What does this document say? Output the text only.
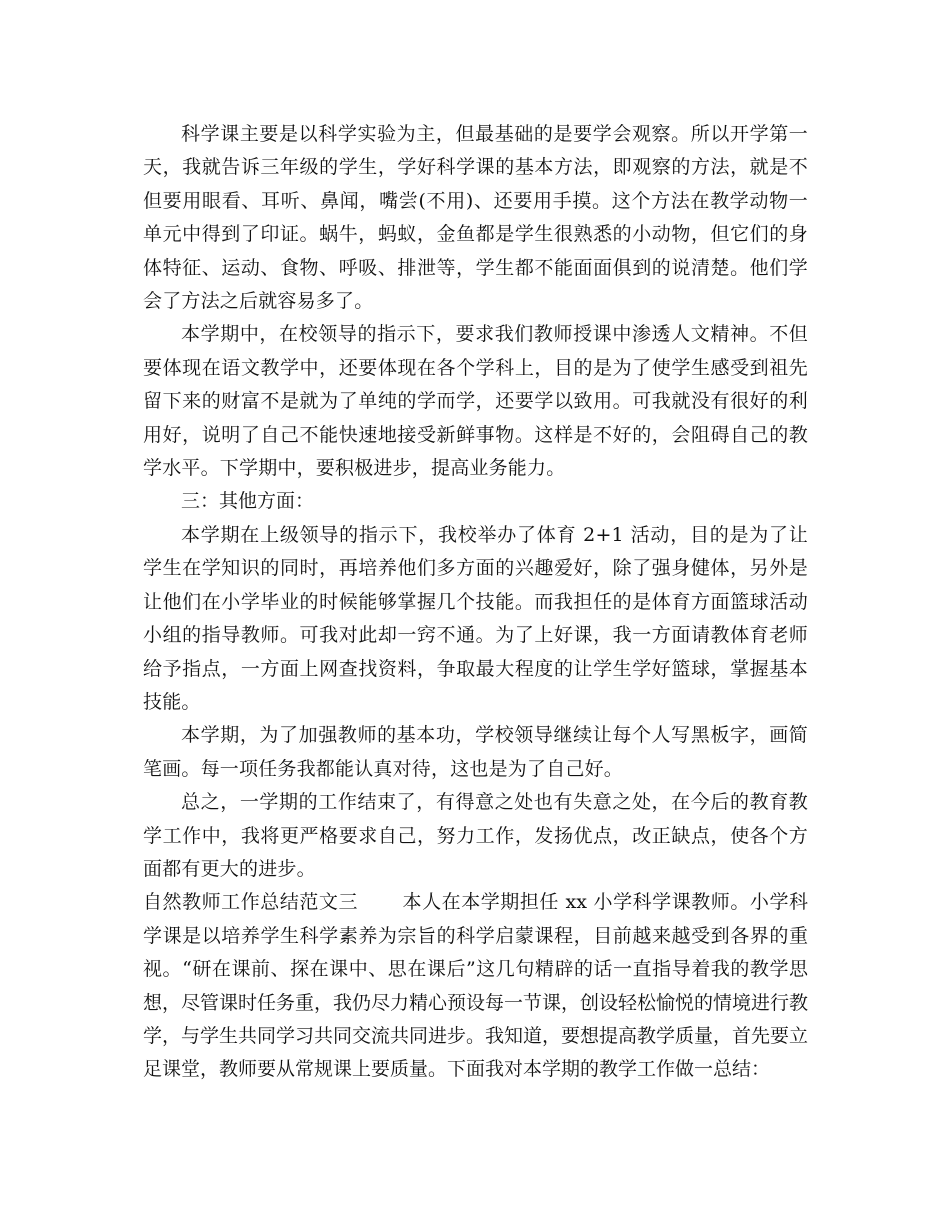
科学课主要是以科学实验为主，但最基础的是要学会观察。所以开学第一天，我就告诉三年级的学生，学好科学课的基本方法，即观察的方法，就是不但要用眼看、耳听、鼻闻，嘴尝(不用)、还要用手摸。这个方法在教学动物一单元中得到了印证。蜗牛，蚂蚁，金鱼都是学生很熟悉的小动物，但它们的身体特征、运动、食物、呼吸、排泄等，学生都不能面面俱到的说清楚。他们学会了方法之后就容易多了。

本学期中，在校领导的指示下，要求我们教师授课中渗透人文精神。不但要体现在语文教学中，还要体现在各个学科上，目的是为了使学生感受到祖先留下来的财富不是就为了单纯的学而学，还要学以致用。可我就没有很好的利用好，说明了自己不能快速地接受新鲜事物。这样是不好的，会阻碍自己的教学水平。下学期中，要积极进步，提高业务能力。

三：其他方面：

本学期在上级领导的指示下，我校举办了体育 2+1 活动，目的是为了让学生在学知识的同时，再培养他们多方面的兴趣爱好，除了强身健体，另外是让他们在小学毕业的时候能够掌握几个技能。而我担任的是体育方面篮球活动小组的指导教师。可我对此却一窍不通。为了上好课，我一方面请教体育老师给予指点，一方面上网查找资料，争取最大程度的让学生学好篮球，掌握基本技能。

本学期，为了加强教师的基本功，学校领导继续让每个人写黑板字，画简笔画。每一项任务我都能认真对待，这也是为了自己好。

总之，一学期的工作结束了，有得意之处也有失意之处，在今后的教育教学工作中，我将更严格要求自己，努力工作，发扬优点，改正缺点，使各个方面都有更大的进步。

自然教师工作总结范文三 本人在本学期担任 xx 小学科学课教师。小学科学课是以培养学生科学素养为宗旨的科学启蒙课程，目前越来越受到各界的重视。“研在课前、探在课中、思在课后”这几句精辟的话一直指导着我的教学思想，尽管课时任务重，我仍尽力精心预设每一节课，创设轻松愉悦的情境进行教学，与学生共同学习共同交流共同进步。我知道，要想提高教学质量，首先要立足课堂，教师要从常规课上要质量。下面我对本学期的教学工作做一总结：
